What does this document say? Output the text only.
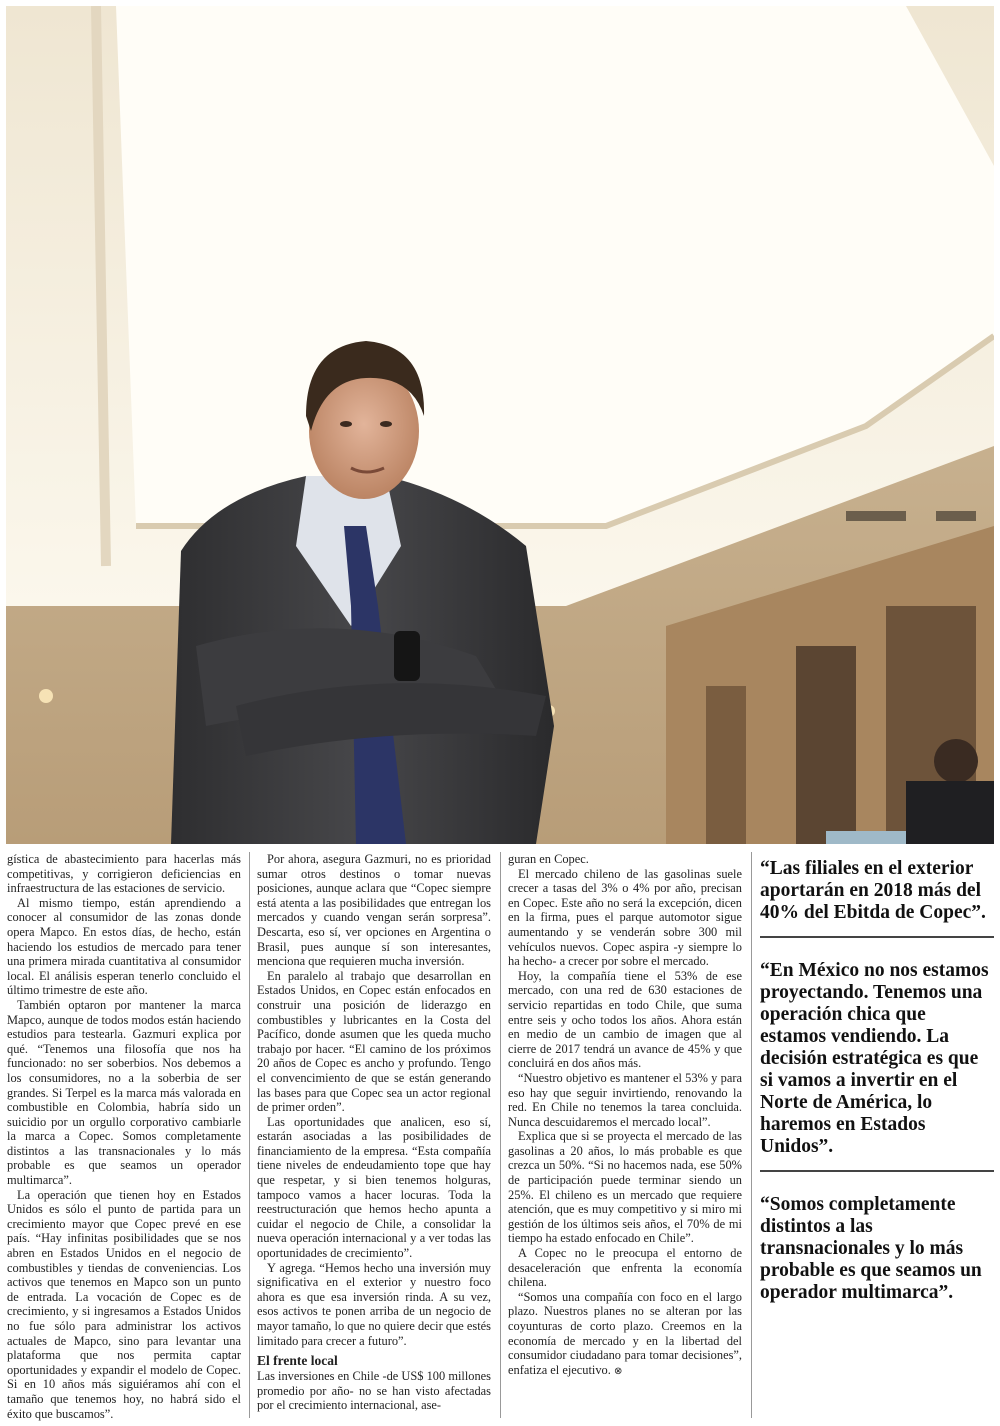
gística de abastecimiento para hacerlas más competitivas, y corrigieron deficiencias en infraestructura de las estaciones de servicio.

Al mismo tiempo, están aprendiendo a conocer al consumidor de las zonas donde opera Mapco. En estos días, de hecho, están haciendo los estudios de mercado para tener una primera mirada cuantitativa al consumidor local. El análisis esperan tenerlo concluido el último trimestre de este año.

También optaron por mantener la marca Mapco, aunque de todos modos están haciendo estudios para testearla. Gazmuri explica por qué. “Tenemos una filosofía que nos ha funcionado: no ser soberbios. Nos debemos a los consumidores, no a la soberbia de ser grandes. Si Terpel es la marca más valorada en combustible en Colombia, habría sido un suicidio por un orgullo corporativo cambiarle la marca a Copec. Somos completamente distintos a las transnacionales y lo más probable es que seamos un operador multimarca”.

La operación que tienen hoy en Estados Unidos es sólo el punto de partida para un crecimiento mayor que Copec prevé en ese país. “Hay infinitas posibilidades que se nos abren en Estados Unidos en el negocio de combustibles y tiendas de conveniencias. Los activos que tenemos en Mapco son un punto de entrada. La vocación de Copec es de crecimiento, y si ingresamos a Estados Unidos no fue sólo para administrar los activos actuales de Mapco, sino para levantar una plataforma que nos permita captar oportunidades y expandir el modelo de Copec. Si en 10 años más siguiéramos ahí con el tamaño que tenemos hoy, no habrá sido el éxito que buscamos”.

Por ahora, asegura Gazmuri, no es prioridad sumar otros destinos o tomar nuevas posiciones, aunque aclara que “Copec siempre está atenta a las posibilidades que entregan los mercados y cuando vengan serán sorpresa”. Descarta, eso sí, ver opciones en Argentina o Brasil, pues aunque sí son interesantes, menciona que requieren mucha inversión.

En paralelo al trabajo que desarrollan en Estados Unidos, en Copec están enfocados en construir una posición de liderazgo en combustibles y lubricantes en la Costa del Pacífico, donde asumen que les queda mucho trabajo por hacer. “El camino de los próximos 20 años de Copec es ancho y profundo. Tengo el convencimiento de que se están generando las bases para que Copec sea un actor regional de primer orden”.

Las oportunidades que analicen, eso sí, estarán asociadas a las posibilidades de financiamiento de la empresa. “Esta compañía tiene niveles de endeudamiento tope que hay que respetar, y si bien tenemos holguras, tampoco vamos a hacer locuras. Toda la reestructuración que hemos hecho apunta a cuidar el negocio de Chile, a consolidar la nueva operación internacional y a ver todas las oportunidades de crecimiento”.

Y agrega. “Hemos hecho una inversión muy significativa en el exterior y nuestro foco ahora es que esa inversión rinda. A su vez, esos activos te ponen arriba de un negocio de mayor tamaño, lo que no quiere decir que estés limitado para crecer a futuro”.

El frente local

Las inversiones en Chile -de US$ 100 millones promedio por año- no se han visto afectadas por el crecimiento internacional, ase-

guran en Copec.

El mercado chileno de las gasolinas suele crecer a tasas del 3% o 4% por año, precisan en Copec. Este año no será la excepción, dicen en la firma, pues el parque automotor sigue aumentando y se venderán sobre 300 mil vehículos nuevos. Copec aspira -y siempre lo ha hecho- a crecer por sobre el mercado.

Hoy, la compañía tiene el 53% de ese mercado, con una red de 630 estaciones de servicio repartidas en todo Chile, que suma entre seis y ocho todos los años. Ahora están en medio de un cambio de imagen que al cierre de 2017 tendrá un avance de 45% y que concluirá en dos años más.

“Nuestro objetivo es mantener el 53% y para eso hay que seguir invirtiendo, renovando la red. En Chile no tenemos la tarea concluida. Nunca descuidaremos el mercado local”.

Explica que si se proyecta el mercado de las gasolinas a 20 años, lo más probable es que crezca un 50%. “Si no hacemos nada, ese 50% de participación puede terminar siendo un 25%. El chileno es un mercado que requiere atención, que es muy competitivo y si miro mi gestión de los últimos seis años, el 70% de mi tiempo ha estado enfocado en Chile”.

A Copec no le preocupa el entorno de desaceleración que enfrenta la economía chilena.

“Somos una compañía con foco en el largo plazo. Nuestros planes no se alteran por las coyunturas de corto plazo. Creemos en la economía de mercado y en la libertad del consumidor ciudadano para tomar decisiones”, enfatiza el ejecutivo. ⊗

“Las filiales en el exterior aportarán en 2018 más del 40% del Ebitda de Copec”.
“En México no nos estamos proyectando. Tenemos una operación chica que estamos vendiendo. La decisión estratégica es que si vamos a invertir en el Norte de América, lo haremos en Estados Unidos”.
“Somos completamente distintos a las transnacionales y lo más probable es que seamos un operador multimarca”.
